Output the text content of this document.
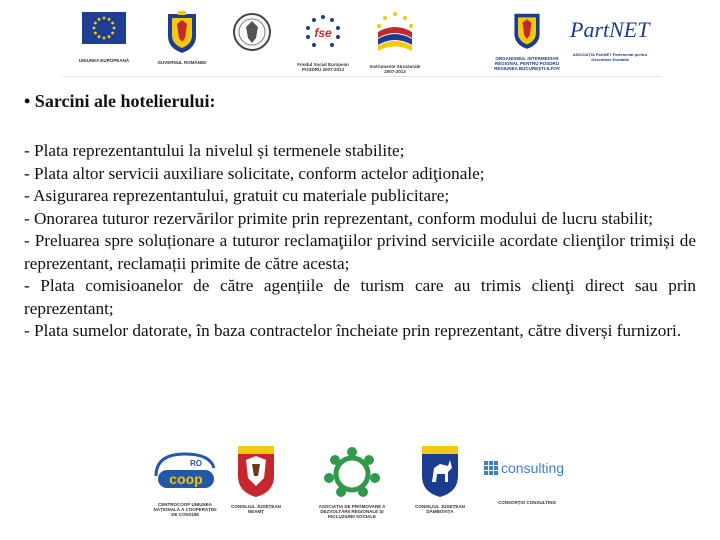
UNIUNEA EUROPEANĂ	GUVERNUL ROMÂNIEI
fse
Fondul Social European POSDRU 2007-2013
Instrumente Structurale 2007-2013
ORGANISMUL INTERMEDIAR REGIONAL PENTRU POSDRU REGIUNEA BUCUREȘTI-ILFOV
PartNET
ASOCIAȚIA PartNET Parteneriat pentru Dezvoltare Durabilă

• Sarcini ale hotelierului:

- Plata reprezentantului la nivelul și termenele stabilite;

- Plata altor servicii auxiliare solicitate, conform actelor adiţionale;

- Asigurarea reprezentantului, gratuit cu materiale publicitare;

- Onorarea tuturor rezervărilor primite prin reprezentant, conform modului de lucru stabilit;

- Preluarea spre soluționare a tuturor reclamaţiilor privind serviciile acordate clienţilor trimiși de reprezentant, reclamații primite de către acesta;

- Plata comisioanelor de către agențiile de turism care au trimis clienţi direct sau prin reprezentant;

- Plata sumelor datorate, în baza contractelor încheiate prin reprezentant, către diverși furnizori.

coop
RO
CENTROCOOP UNIUNEA NAȚIONALĂ A COOPERAȚIEI DE CONSUM
CONSILIUL JUDEȚEAN NEAMȚ
ASOCIAȚIA DE PROMOVARE A DEZVOLTĂRII REGIONALE ȘI INCLUZIUNII SOCIALE
CONSILIUL JUDEȚEAN DÂMBOVIȚA
consulting
CONSORȚIO CONSULTING
